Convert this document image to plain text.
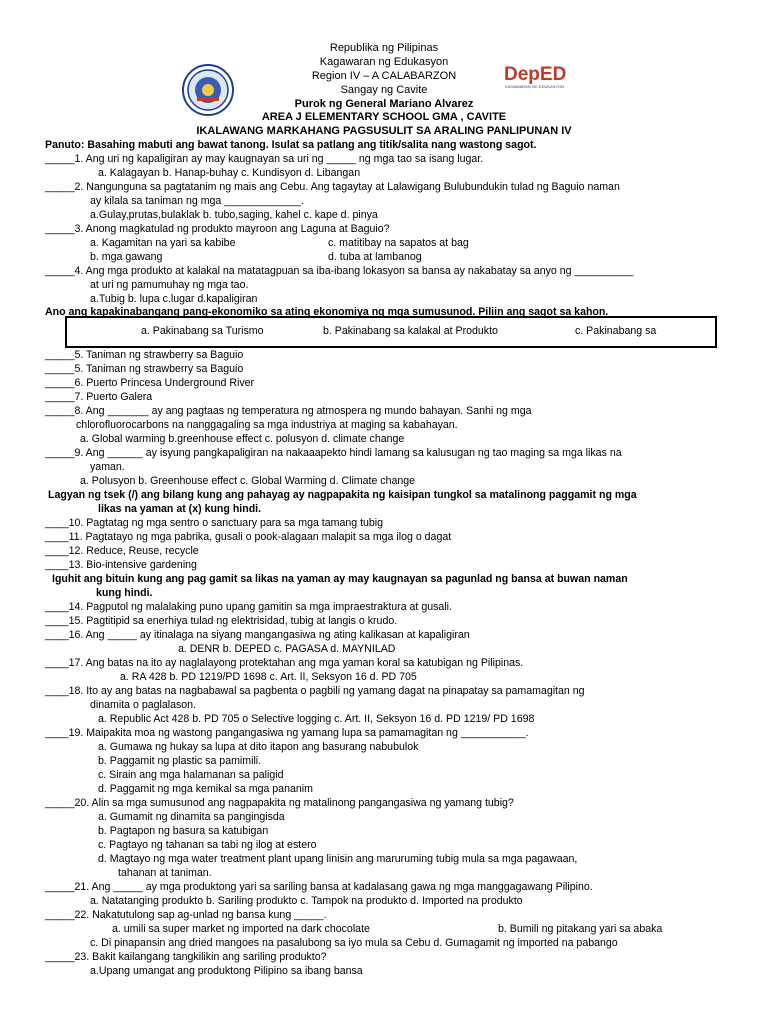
Republika ng Pilipinas
Kagawaran ng Edukasyon
Region IV – A CALABARZON
Sangay ng Cavite
Purok ng General Mariano Alvarez
AREA J ELEMENTARY SCHOOL GMA , CAVITE
IKALAWANG MARKAHANG PAGSUSULIT SA ARALING PANLIPUNAN IV
DepED
KAGAWARAN NG EDUKASYON
a. Pakinabang sa Turismo	b. Pakinabang sa kalakal at Produkto	c. Pakinabang sa
Panuto: Basahing mabuti ang bawat tanong. Isulat sa patlang ang titik/salita nang wastong sagot.
_____1. Ang uri ng kapaligiran ay may kaugnayan sa uri ng _____ ng mga tao sa isang lugar.
a. Kalagayan b. Hanap-buhay c. Kundisyon d. Libangan
_____2. Nangunguna sa pagtatanim ng mais ang Cebu. Ang tagaytay at Lalawigang Bulubundukin tulad ng Baguio naman
ay kilala sa taniman ng mga _____________.
a.Gulay,prutas,bulaklak b. tubo,saging, kahel c. kape d. pinya
_____3. Anong magkatulad ng produkto mayroon ang Laguna at Baguio?
a. Kagamitan na yari sa kabibe	c. matitibay na sapatos at bag
b. mga gawang	d. tuba at lambanog
_____4. Ang mga produkto at kalakal na matatagpuan sa iba-ibang lokasyon sa bansa ay nakabatay sa anyo ng __________
at uri ng pamumuhay ng mga tao.
a.Tubig b. lupa c.lugar d.kapaligiran
Ano ang kapakinabangang pang-ekonomiko sa ating ekonomiya ng mga sumusunod. Piliin ang sagot sa kahon.
_____5. Taniman ng strawberry sa Baguio
_____5. Taniman ng strawberry sa Baguio
_____6. Puerto Princesa Underground River
_____7. Puerto Galera
_____8. Ang _______ ay ang pagtaas ng temperatura ng atmospera ng mundo bahayan. Sanhi ng mga
chlorofluorocarbons na nanggagaling sa mga industriya at maging sa kabahayan.
a. Global warming b.greenhouse effect c. polusyon d. climate change
_____9. Ang ______ ay isyung pangkapaligiran na nakaaapekto hindi lamang sa kalusugan ng tao maging sa mga likas na
yaman.
a. Polusyon b. Greenhouse effect c. Global Warming d. Climate change
Lagyan ng tsek (/) ang bilang kung ang pahayag ay nagpapakita ng kaisipan tungkol sa matalinong paggamit ng mga
likas na yaman at (x) kung hindi.
____10. Pagtatag ng mga sentro o sanctuary para sa mga tamang tubig
____11. Pagtatayo ng mga pabrika, gusali o pook-alagaan malapit sa mga ilog o dagat
____12. Reduce, Reuse, recycle
____13. Bio-intensive gardening
Iguhit ang bituin kung ang pag gamit sa likas na yaman ay may kaugnayan sa pagunlad ng bansa at buwan naman
kung hindi.
____14. Pagputol ng malalaking puno upang gamitin sa mga impraestraktura at gusali.
____15. Pagtitipid sa enerhiya tulad ng elektrisidad, tubig at langis o krudo.
____16. Ang _____ ay itinalaga na siyang mangangasiwa ng ating kalikasan at kapaligiran
a. DENR b. DEPED c. PAGASA d. MAYNILAD
____17. Ang batas na ito ay naglalayong protektahan ang mga yaman koral sa katubigan ng Pilipinas.
a. RA 428 b. PD 1219/PD 1698 c. Art. II, Seksyon 16 d. PD 705
____18. Ito ay ang batas na nagbabawal sa pagbenta o pagbili ng yamang dagat na pinapatay sa pamamagitan ng
dinamita o paglalason.
a. Republic Act 428 b. PD 705 o Selective logging c. Art. II, Seksyon 16 d. PD 1219/ PD 1698
____19. Maipakita moa ng wastong pangangasiwa ng yamang lupa sa pamamagitan ng ___________.
a. Gumawa ng hukay sa lupa at dito itapon ang basurang nabubulok
b. Paggamit ng plastic sa pamimili.
c. Sirain ang mga halamanan sa paligid
d. Paggamit ng mga kemikal sa mga pananim
_____20. Alin sa mga sumusunod ang nagpapakita ng matalinong pangangasiwa ng yamang tubig?
a. Gumamit ng dinamita sa pangingisda
b. Pagtapon ng basura sa katubigan
c. Pagtayo ng tahanan sa tabi ng ilog at estero
d. Magtayo ng mga water treatment plant upang linisin ang maruruming tubig mula sa mga pagawaan,
tahanan at taniman.
_____21. Ang _____ ay mga produktong yari sa sariling bansa at kadalasang gawa ng mga manggagawang Pilipino.
a. Natatanging produkto b. Sariling produkto c. Tampok na produkto d. Imported na produkto
_____22. Nakatutulong sap ag-unlad ng bansa kung _____.
a. umili sa super market ng imported na dark chocolate	b. Bumili ng pitakang yari sa abaka
c. Di pinapansin ang dried mangoes na pasalubong sa iyo mula sa Cebu d. Gumagamit ng imported na pabango
_____23. Bakit kailangang tangkilikin ang sariling produkto?
a.Upang umangat ang produktong Pilipino sa ibang bansa
